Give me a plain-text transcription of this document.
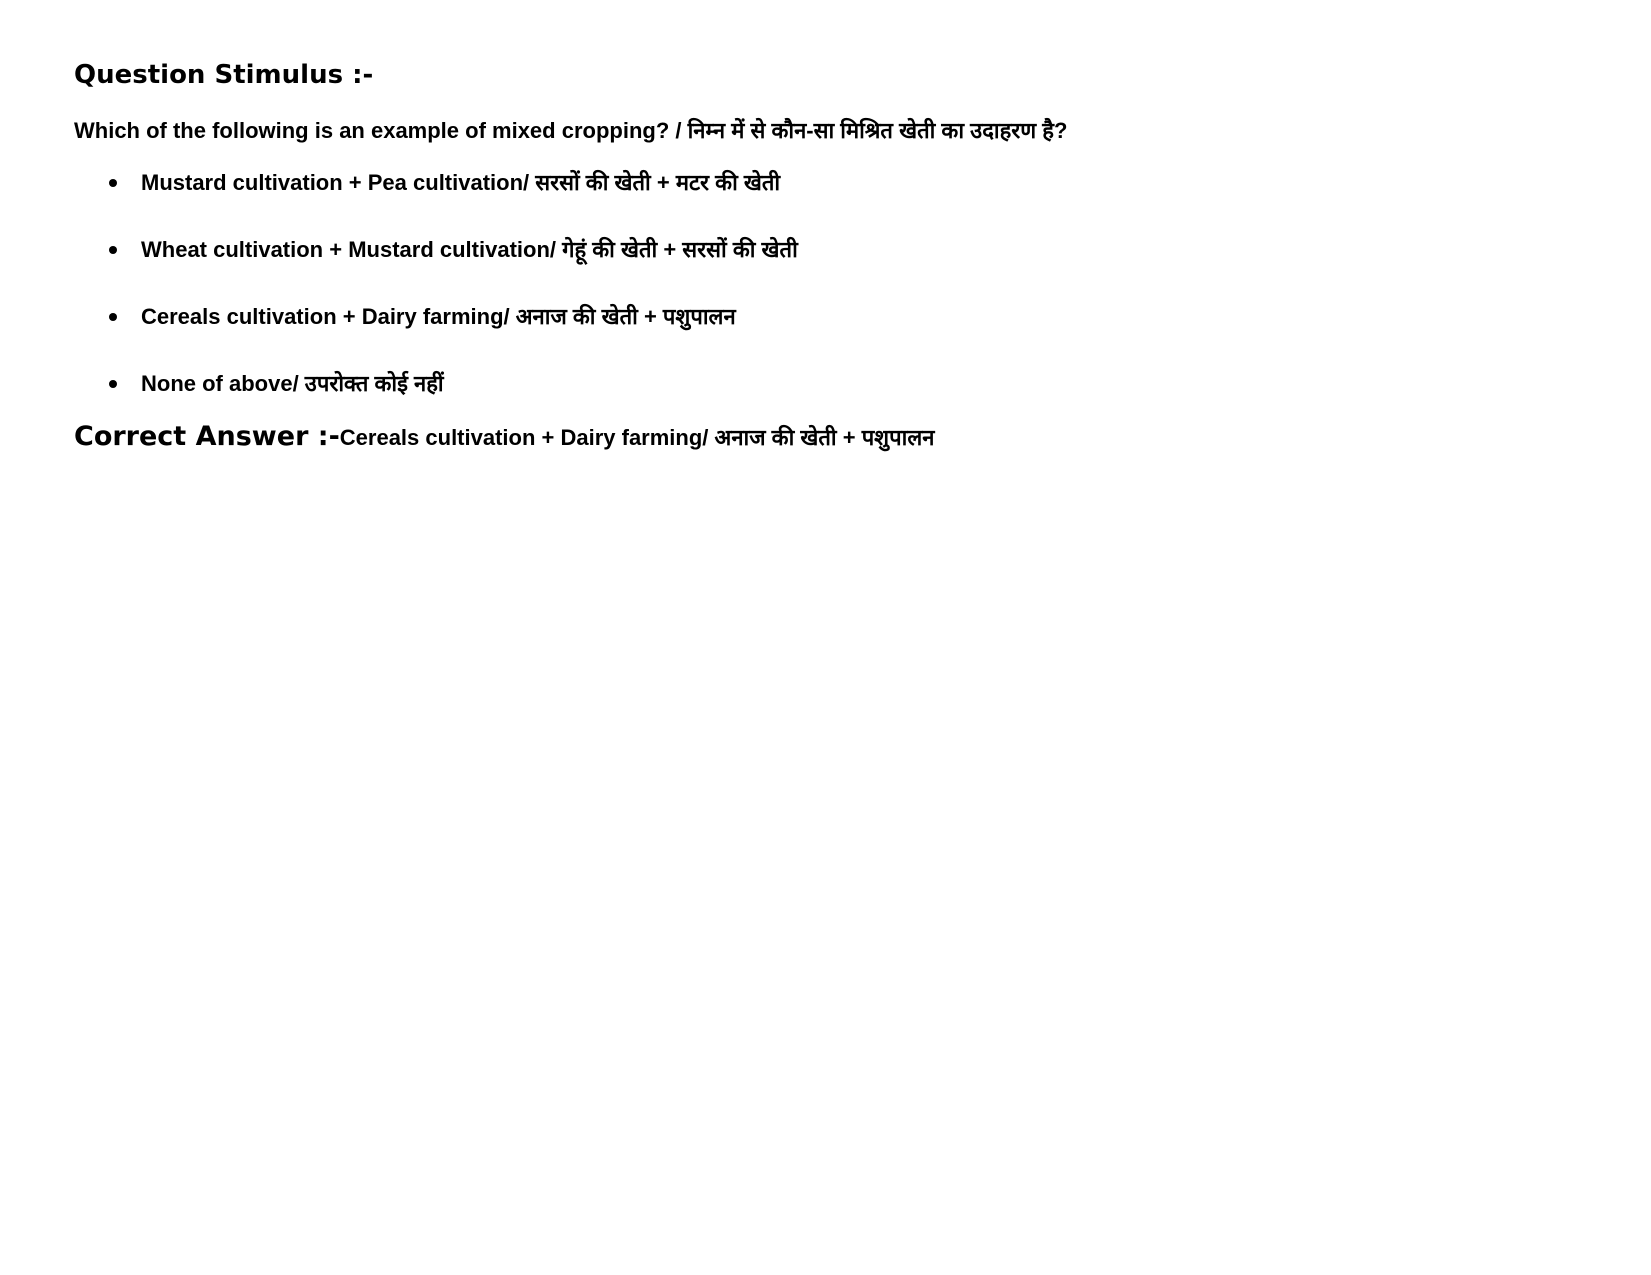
Question Stimulus :-

Which of the following is an example of mixed cropping? / निम्न में से कौन-सा मिश्रित खेती का उदाहरण है?

Mustard cultivation + Pea cultivation/ सरसों की खेती + मटर की खेती
Wheat cultivation + Mustard cultivation/ गेहूं की खेती + सरसों की खेती
Cereals cultivation + Dairy farming/ अनाज की खेती + पशुपालन
None of above/ उपरोक्त कोई नहीं
Correct Answer :-Cereals cultivation + Dairy farming/ अनाज की खेती + पशुपालन
